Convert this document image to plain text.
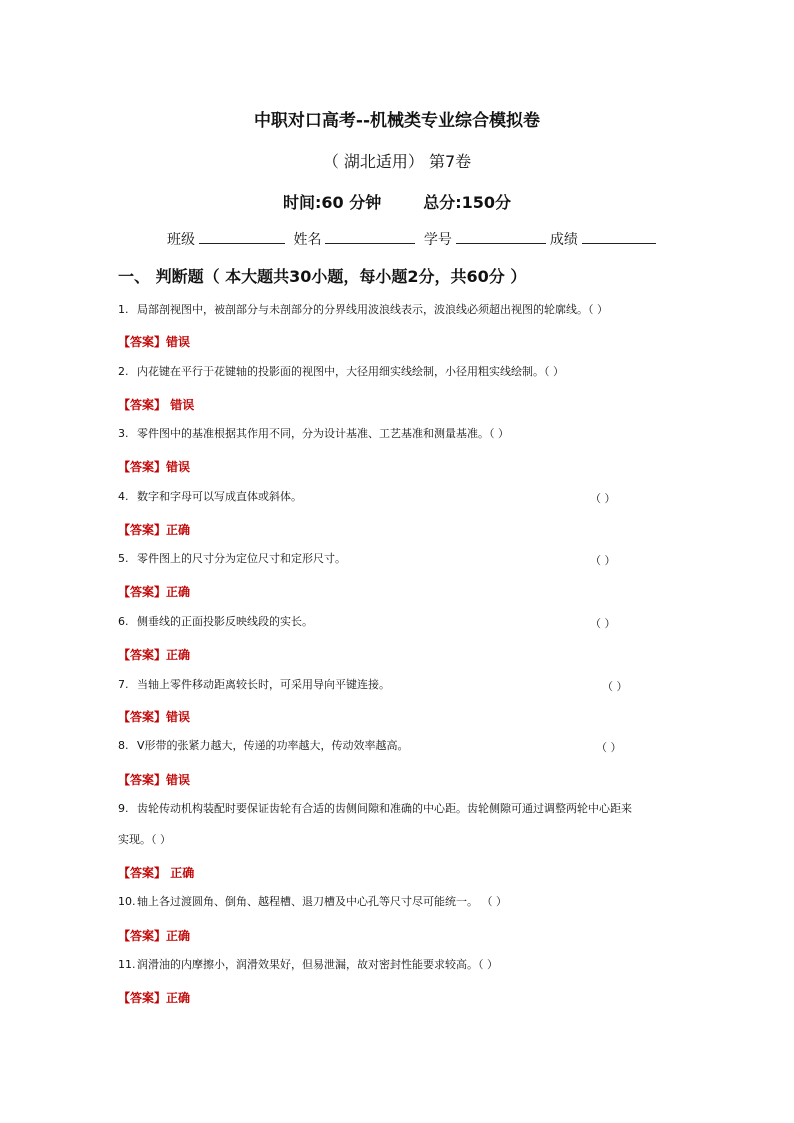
中职对口高考--机械类专业综合模拟卷
（ 湖北适用） 第7卷
时间:60 分钟	总分:150分
班级	姓名	学号	成绩
一、 判断题（ 本大题共30小题，每小题2分，共60分 ）
1. 局部剖视图中，被剖部分与未剖部分的分界线用波浪线表示，波浪线必须超出视图的轮廓线。（ ）
【答案】错误
2. 内花键在平行于花键轴的投影面的视图中，大径用细实线绘制，小径用粗实线绘制。（ ）
【答案】 错误
3. 零件图中的基准根据其作用不同，分为设计基准、工艺基准和测量基准。（ ）
【答案】错误
4. 数字和字母可以写成直体或斜体。	（ ）
【答案】正确
5. 零件图上的尺寸分为定位尺寸和定形尺寸。	（ ）
【答案】正确
6. 侧垂线的正面投影反映线段的实长。	（ ）
【答案】正确
7. 当轴上零件移动距离较长时，可采用导向平键连接。	（ ）
【答案】错误
8. V形带的张紧力越大，传递的功率越大，传动效率越高。	（ ）
【答案】错误
9. 齿轮传动机构装配时要保证齿轮有合适的齿侧间隙和准确的中心距。齿轮侧隙可通过调整两轮中心距来
实现。（ ）
【答案】 正确
10. 轴上各过渡圆角、倒角、越程槽、退刀槽及中心孔等尺寸尽可能统一。 （ ）
【答案】正确
11. 润滑油的内摩擦小，润滑效果好，但易泄漏，故对密封性能要求较高。（ ）
【答案】正确
